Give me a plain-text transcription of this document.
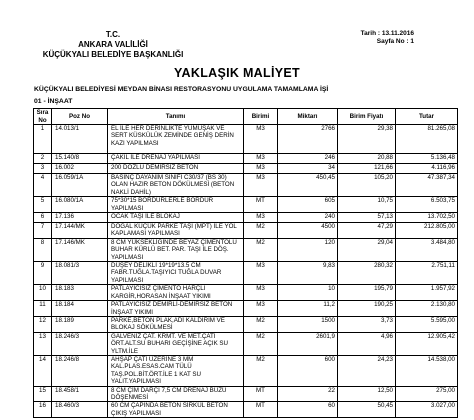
T.C.
ANKARA VALİLİĞİ
KÜÇÜKYALI BELEDİYE BAŞKANLIĞI
Tarih : 13.11.2016
Sayfa No : 1
YAKLAŞIK MALİYET
KÜÇÜKYALI BELEDİYESİ MEYDAN BİNASI RESTORASYONU UYGULAMA TAMAMLAMA İŞİ
01 - İNŞAAT
Sıra No	Poz No	Tanımı	Birimi	Miktarı	Birim Fiyatı	Tutar
1	14.013/1	EL İLE HER DERİNLİKTE YUMUŞAK VE SERT KÜSKÜLÜK ZEMİNDE GENİŞ DERİN KAZI YAPILMASI	M3	2766	29,38	81.265,08
2	15.140/8	ÇAKIL İLE DRENAJ YAPILMASI	M3	246	20,88	5.136,48
3	16.002	200 DOZLU DEMİRSİZ BETON	M3	34	121,66	4.116,96
4	16.059/1A	BASINÇ DAYANIM SINIFI C30/37 (BS 30) OLAN HAZIR BETON DÖKÜLMESİ (BETON NAKLİ DAHİL)	M3	450,45	105,20	47.387,34
5	16.080/1A	75*30*15 BORDÜRLERLE BORDÜR YAPILMASI	MT	605	10,75	6.503,75
6	17.136	OCAK TAŞI İLE BLOKAJ	M3	240	57,13	13.702,50
7	17.144/MK	DOĞAL KÜÇÜK PARKE TAŞI (MPT) İLE YOL KAPLAMASI YAPILMASI	M2	4500	47,29	212.805,00
8	17.146/MK	8 CM YÜKSEKLİĞİNDE BEYAZ ÇİMENTOLU BUHAR KÜRLÜ BET. PAR. TAŞI İLE DÖŞ. YAPILMASI	M2	120	29,04	3.484,80
9	18.081/3	DÜŞEY DELİKLİ 19*19*13.5 CM FABR.TUĞLA.TAŞIYICI TUĞLA DUVAR YAPILMASI	M3	9,83	280,32	2.751,11
10	18.183	PATLAYICISIZ ÇİMENTO HARÇLI KARGİR,HORASAN İNŞAAT YIKIMI	M3	10	195,79	1.957,92
11	18.184	PATLAYICISIZ DEMİRLİ-DEMİRSİZ BETON İNŞAAT YIKIMI	M3	11,2	190,25	2.130,80
12	18.189	PARKE,BETON PLAK,ADİ KALDIRIM VE BLOKAJ SÖKÜLMESİ	M2	1500	3,73	5.595,00
13	18.246/3	GALVENİZ ÇAT. KRMT. VE MET.ÇATI ÖRT.ALT.SU BUHARI GEÇİŞİNE AÇIK SU YLTM.İLE	M2	2601,9	4,96	12.905,42
14	18.246/8	AHŞAP ÇATI ÜZERİNE 3 MM KAL.PLAS.ESAS.CAM TÜLÜ TAŞ.POL.BİT.ÖRT.İLE 1 KAT SU YALIT.YAPILMASI	M2	600	24,23	14.538,00
15	18.458/1	8 CM ÇİM DARÇI 7,5 CM DRENAJ BÜZÜ DÖŞENMESİ	MT	22	12,50	275,00
16	18.460/3	60 CM ÇAPINDA BETON SİRKÜL BETON ÇIKIŞ YAPILMASI	MT	60	50,45	3.027,00
